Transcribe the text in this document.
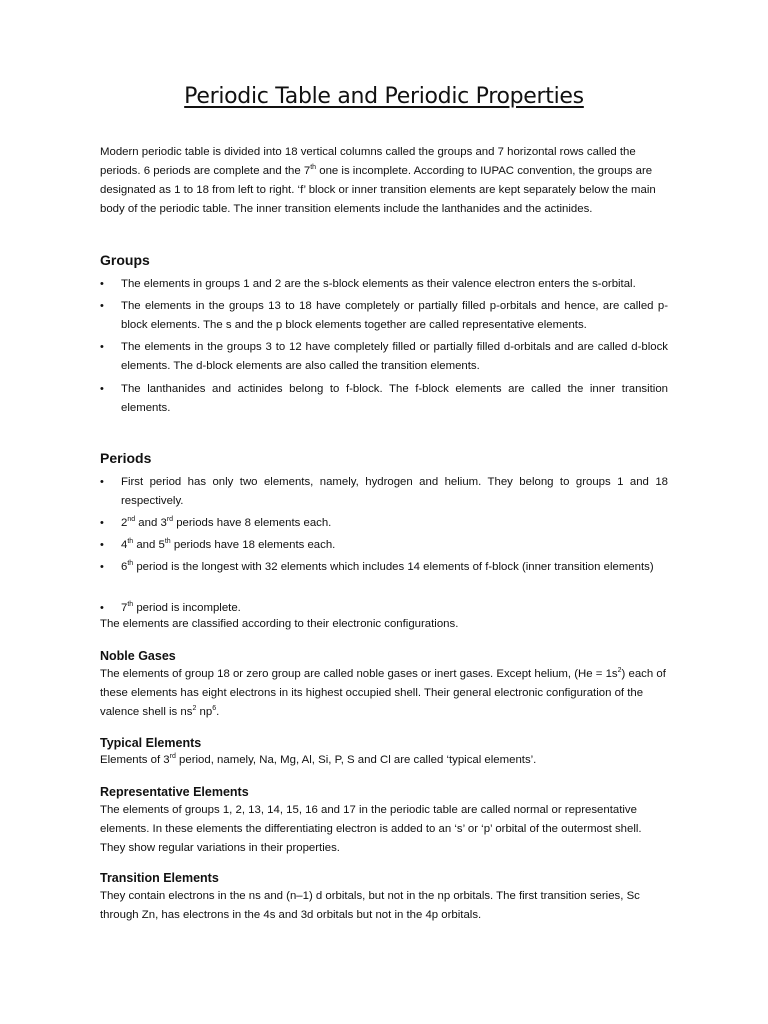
Periodic Table and Periodic Properties

Modern periodic table is divided into 18 vertical columns called the groups and 7 horizontal rows called the periods. 6 periods are complete and the 7th one is incomplete. According to IUPAC convention, the groups are designated as 1 to 18 from left to right. ‘f’ block or inner transition elements are kept separately below the main body of the periodic table. The inner transition elements include the lanthanides and the actinides.

Groups

•	The elements in groups 1 and 2 are the s-block elements as their valence electron enters the s-orbital.

•	The elements in the groups 13 to 18 have completely or partially filled p-orbitals and hence, are called p-block elements. The s and the p block elements together are called representative elements.

•	The elements in the groups 3 to 12 have completely filled or partially filled d-orbitals and are called d-block elements. The d-block elements are also called the transition elements.

•	The lanthanides and actinides belong to f-block. The f-block elements are called the inner transition elements.

Periods

•	First period has only two elements, namely, hydrogen and helium. They belong to groups 1 and 18 respectively.

•	2nd and 3rd periods have 8 elements each.

•	4th and 5th periods have 18 elements each.

•	6th period is the longest with 32 elements which includes 14 elements of f-block (inner transition elements)

•	7th period is incomplete.

The elements are classified according to their electronic configurations.

Noble Gases

The elements of group 18 or zero group are called noble gases or inert gases. Except helium, $(He = 1s^2)$ each of these elements has eight electrons in its highest occupied shell. Their general electronic configuration of the valence shell is $ns^2$ $np^6$.

Typical Elements

Elements of 3rd period, namely, Na, Mg, Al, Si, P, S and Cl are called ‘typical elements’.

Representative Elements

The elements of groups 1, 2, 13, 14, 15, 16 and 17 in the periodic table are called normal or representative elements. In these elements the differentiating electron is added to an ‘s’ or ‘p’ orbital of the outermost shell. They show regular variations in their properties.

Transition Elements

They contain electrons in the ns and (n–1) d orbitals, but not in the np orbitals. The first transition series, Sc through Zn, has electrons in the 4s and 3d orbitals but not in the 4p orbitals.
